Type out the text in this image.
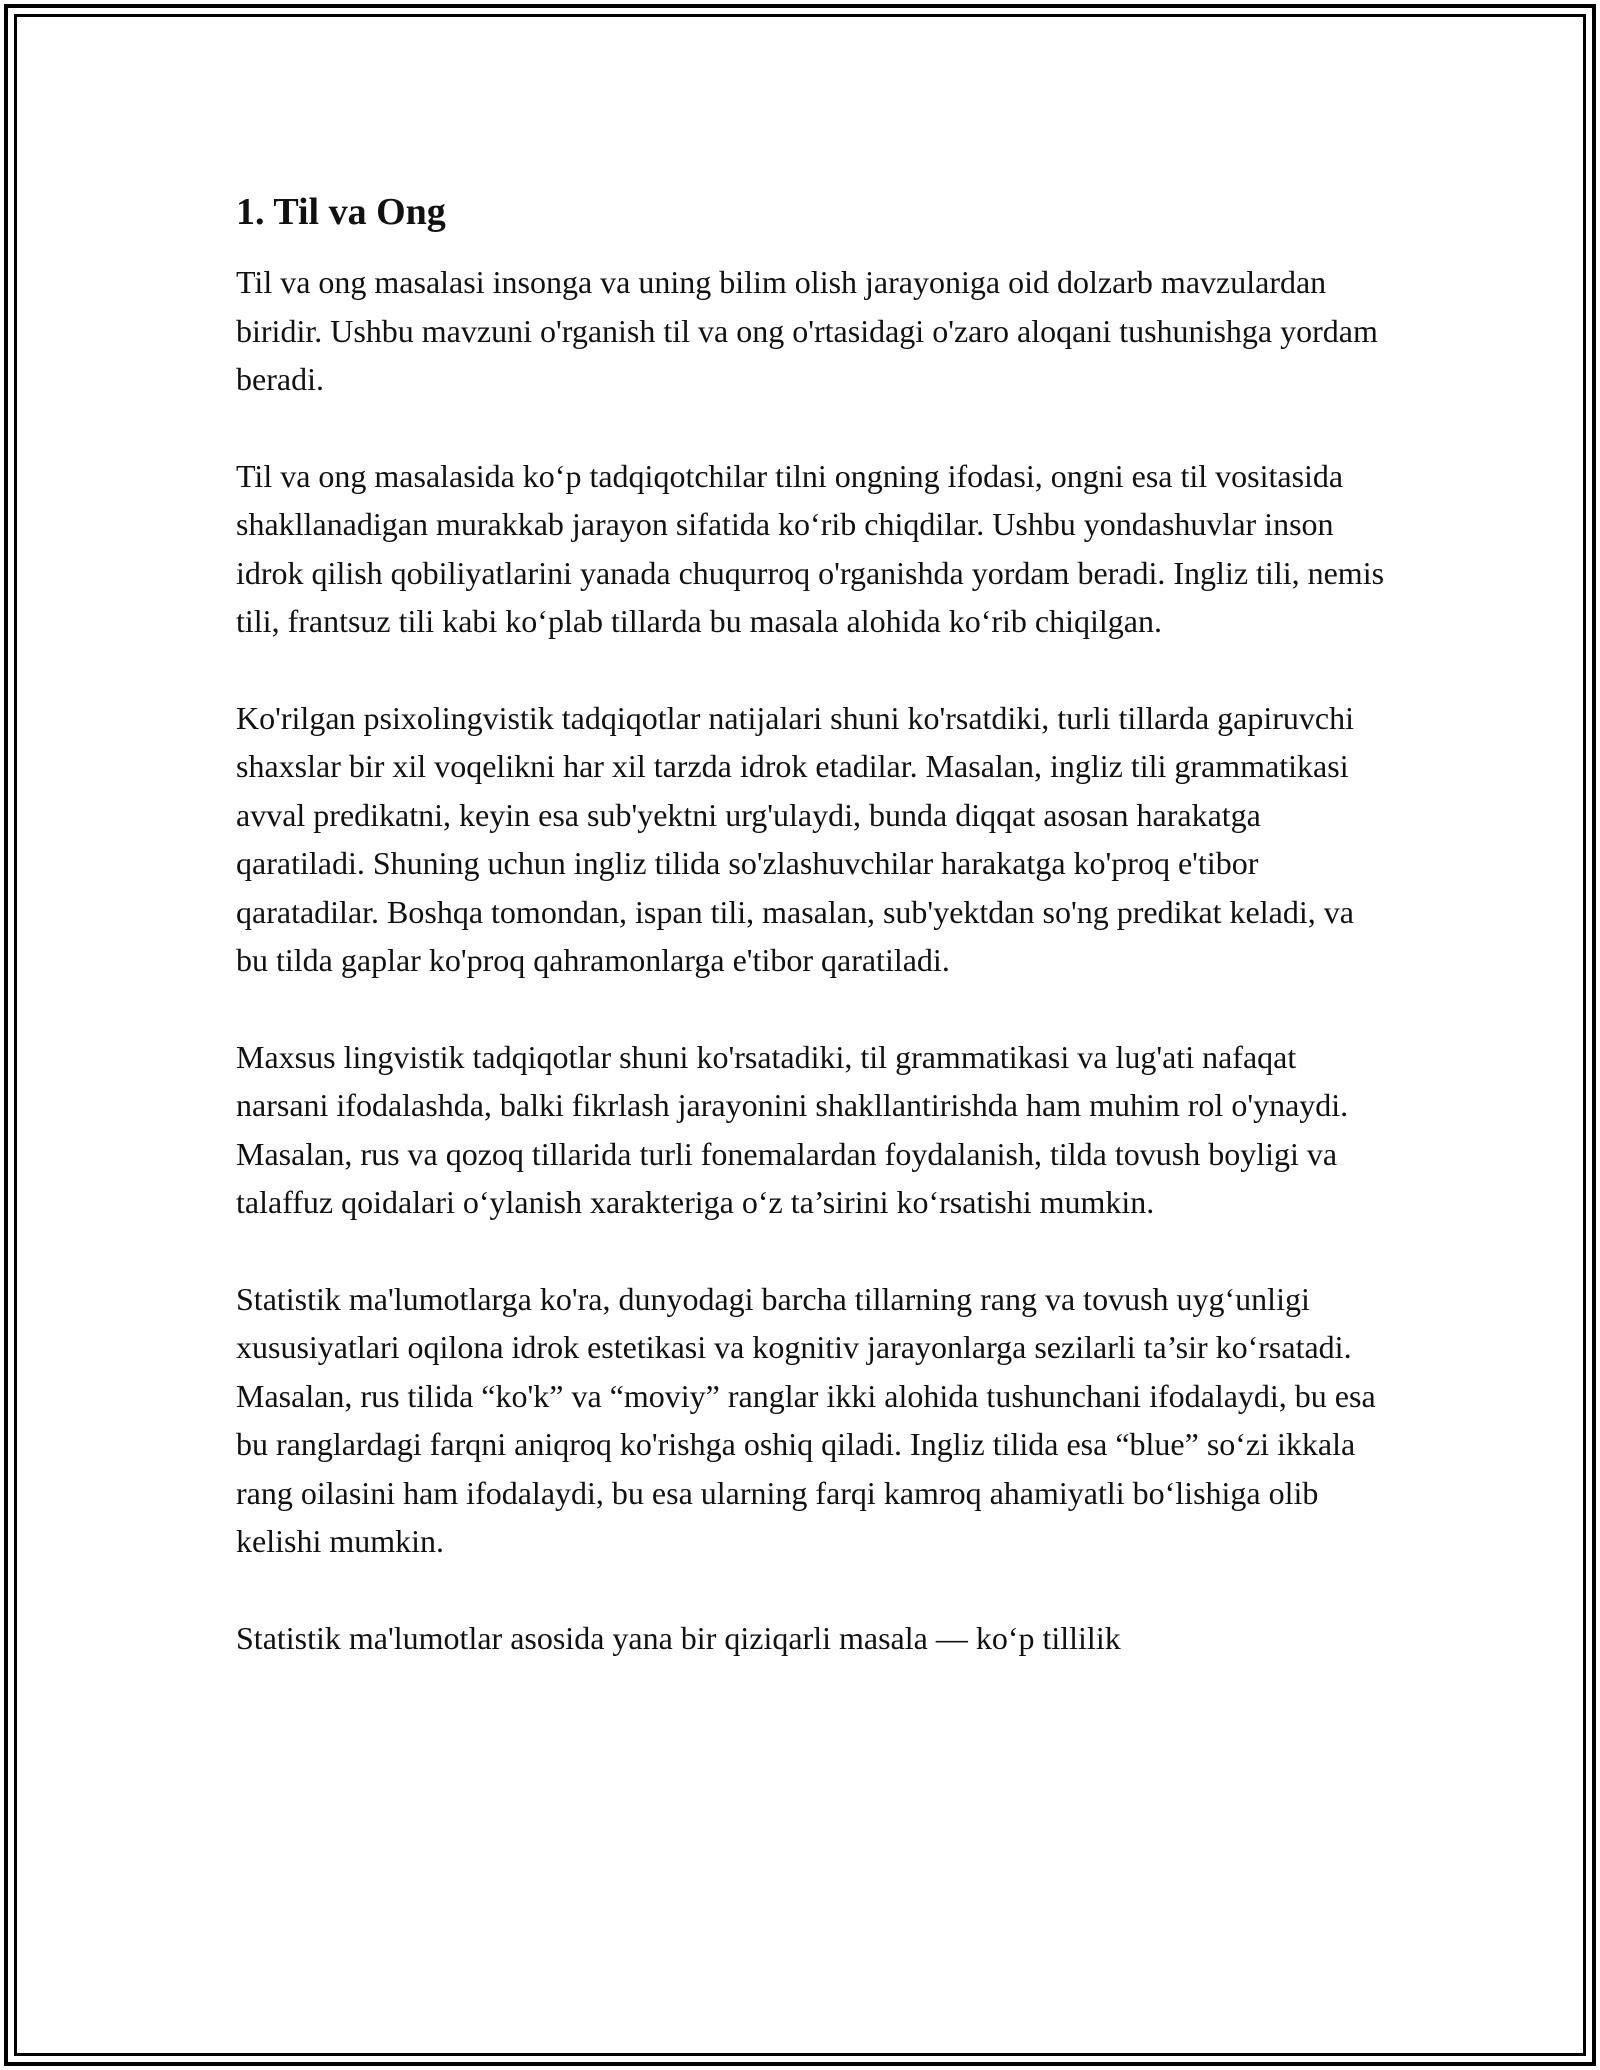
1. Til va Ong

Til va ong masalasi insonga va uning bilim olish jarayoniga oid dolzarb mavzulardan biridir. Ushbu mavzuni o'rganish til va ong o'rtasidagi o'zaro aloqani tushunishga yordam beradi.

Til va ong masalasida ko‘p tadqiqotchilar tilni ongning ifodasi, ongni esa til vositasida shakllanadigan murakkab jarayon sifatida ko‘rib chiqdilar. Ushbu yondashuvlar inson idrok qilish qobiliyatlarini yanada chuqurroq o'rganishda yordam beradi. Ingliz tili, nemis tili, frantsuz tili kabi ko‘plab tillarda bu masala alohida ko‘rib chiqilgan.

Ko'rilgan psixolingvistik tadqiqotlar natijalari shuni ko'rsatdiki, turli tillarda gapiruvchi shaxslar bir xil voqelikni har xil tarzda idrok etadilar. Masalan, ingliz tili grammatikasi avval predikatni, keyin esa sub'yektni urg'ulaydi, bunda diqqat asosan harakatga qaratiladi. Shuning uchun ingliz tilida so'zlashuvchilar harakatga ko'proq e'tibor qaratadilar. Boshqa tomondan, ispan tili, masalan, sub'yektdan so'ng predikat keladi, va bu tilda gaplar ko'proq qahramonlarga e'tibor qaratiladi.

Maxsus lingvistik tadqiqotlar shuni ko'rsatadiki, til grammatikasi va lug'ati nafaqat narsani ifodalashda, balki fikrlash jarayonini shakllantirishda ham muhim rol o'ynaydi. Masalan, rus va qozoq tillarida turli fonemalardan foydalanish, tilda tovush boyligi va talaffuz qoidalari o‘ylanish xarakteriga o‘z ta’sirini ko‘rsatishi mumkin.

Statistik ma'lumotlarga ko'ra, dunyodagi barcha tillarning rang va tovush uyg‘unligi xususiyatlari oqilona idrok estetikasi va kognitiv jarayonlarga sezilarli ta’sir ko‘rsatadi. Masalan, rus tilida “ko'k” va “moviy” ranglar ikki alohida tushunchani ifodalaydi, bu esa bu ranglardagi farqni aniqroq ko'rishga oshiq qiladi. Ingliz tilida esa “blue” so‘zi ikkala rang oilasini ham ifodalaydi, bu esa ularning farqi kamroq ahamiyatli bo‘lishiga olib kelishi mumkin.

Statistik ma'lumotlar asosida yana bir qiziqarli masala — ko‘p tillilik
